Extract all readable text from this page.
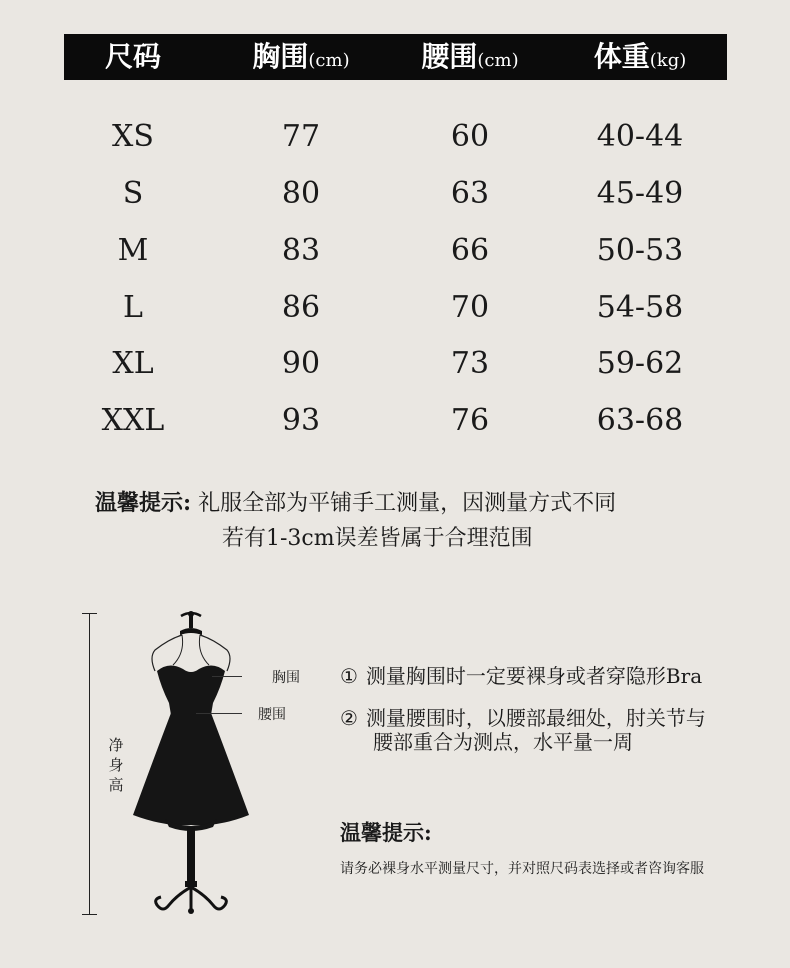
尺码	胸围(cm)	腰围(cm)	体重(kg)
XS	77	60	40-44
S	80	63	45-49
M	83	66	50-53
L	86	70	54-58
XL	90	73	59-62
XXL	93	76	63-68
温馨提示: 礼服全部为平铺手工测量，因测量方式不同
若有1-3cm误差皆属于合理范围
净身高
胸围
腰围
① 测量胸围时一定要裸身或者穿隐形Bra
② 测量腰围时，以腰部最细处，肘关节与
腰部重合为测点，水平量一周
温馨提示:
请务必裸身水平测量尺寸，并对照尺码表选择或者咨询客服
